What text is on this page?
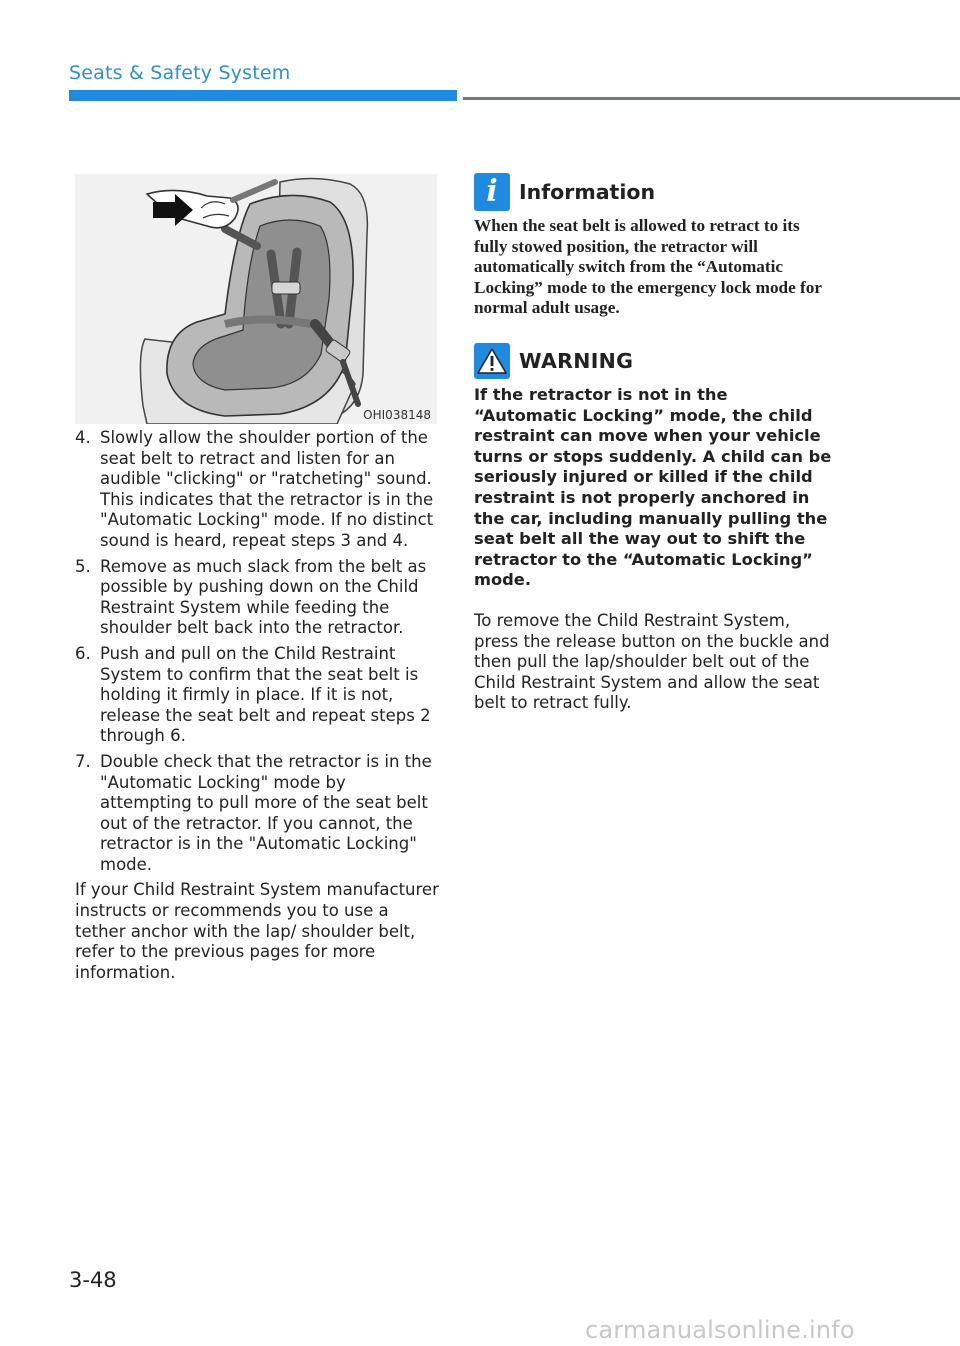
Seats & Safety System
OHI038148
4. Slowly allow the shoulder portion of the seat belt to retract and listen for an audible "clicking" or "ratcheting" sound. This indicates that the retractor is in the "Automatic Locking" mode. If no distinct sound is heard, repeat steps 3 and 4.
5. Remove as much slack from the belt as possible by pushing down on the Child Restraint System while feeding the shoulder belt back into the retractor.
6. Push and pull on the Child Restraint System to confirm that the seat belt is holding it firmly in place. If it is not, release the seat belt and repeat steps 2 through 6.
7. Double check that the retractor is in the "Automatic Locking" mode by attempting to pull more of the seat belt out of the retractor. If you cannot, the retractor is in the "Automatic Locking" mode.
If your Child Restraint System manufacturer instructs or recommends you to use a tether anchor with the lap/ shoulder belt, refer to the previous pages for more information.
i	Information
When the seat belt is allowed to retract to its fully stowed position, the retractor will automatically switch from the “Automatic Locking” mode to the emergency lock mode for normal adult usage.
WARNING
If the retractor is not in the “Automatic Locking” mode, the child restraint can move when your vehicle turns or stops suddenly. A child can be seriously injured or killed if the child restraint is not properly anchored in the car, including manually pulling the seat belt all the way out to shift the retractor to the “Automatic Locking” mode.
To remove the Child Restraint System, press the release button on the buckle and then pull the lap/shoulder belt out of the Child Restraint System and allow the seat belt to retract fully.
3-48
carmanualsonline.info
